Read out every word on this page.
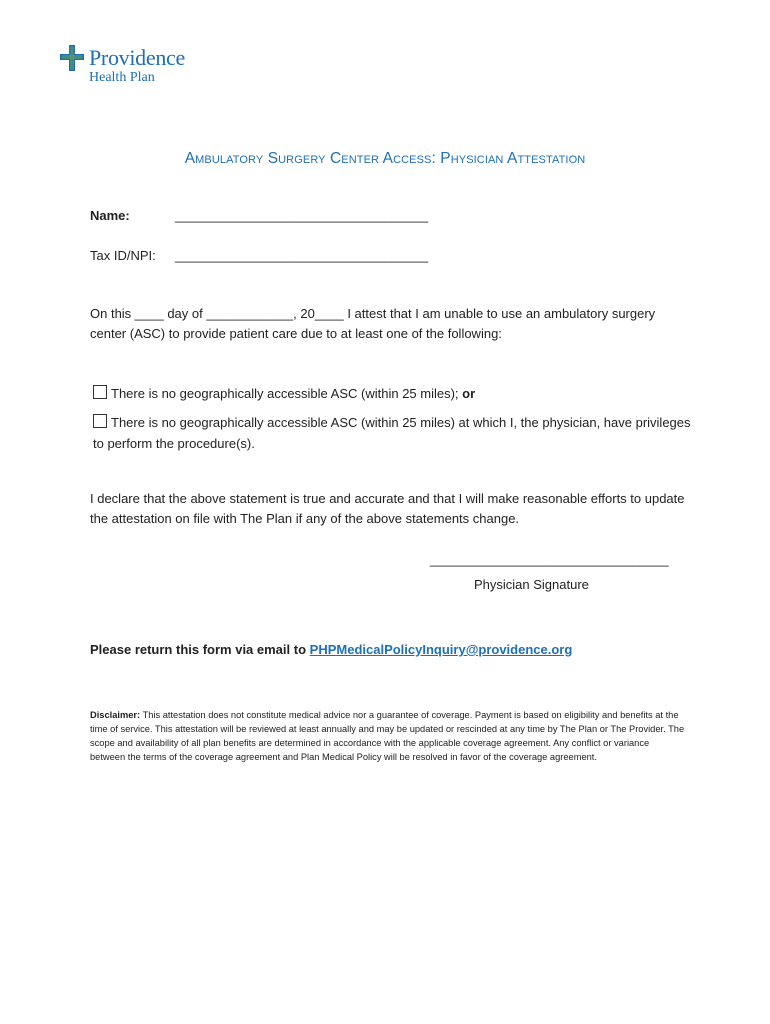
Providence
Health Plan
Ambulatory Surgery Center Access: Physician Attestation
Name:	___________________________________
Tax ID/NPI: ___________________________________
On this ____ day of ____________, 20____ I attest that I am unable to use an ambulatory surgery center (ASC) to provide patient care due to at least one of the following:
There is no geographically accessible ASC (within 25 miles); or
There is no geographically accessible ASC (within 25 miles) at which I, the physician, have privileges to perform the procedure(s).
I declare that the above statement is true and accurate and that I will make reasonable efforts to update the attestation on file with The Plan if any of the above statements change.
_________________________________
Physician Signature
Please return this form via email to PHPMedicalPolicyInquiry@providence.org
Disclaimer: This attestation does not constitute medical advice nor a guarantee of coverage. Payment is based on eligibility and benefits at the time of service. This attestation will be reviewed at least annually and may be updated or rescinded at any time by The Plan or The Provider. The scope and availability of all plan benefits are determined in accordance with the applicable coverage agreement. Any conflict or variance between the terms of the coverage agreement and Plan Medical Policy will be resolved in favor of the coverage agreement.
